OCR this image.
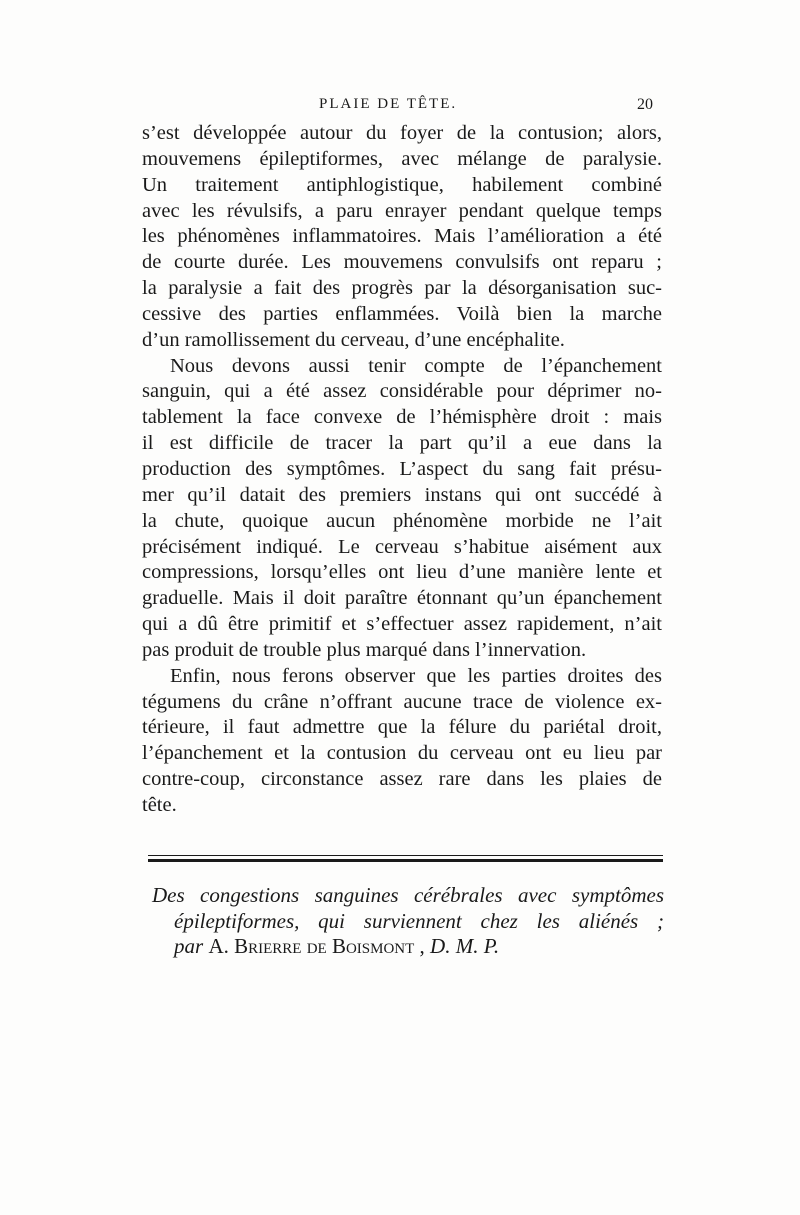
PLAIE DE TÊTE.	20
s’est développée autour du foyer de la contusion; alors,
mouvemens épileptiformes, avec mélange de paralysie.
Un traitement antiphlogistique, habilement combiné
avec les révulsifs, a paru enrayer pendant quelque temps
les phénomènes inflammatoires. Mais l’amélioration a été
de courte durée. Les mouvemens convulsifs ont reparu ;
la paralysie a fait des progrès par la désorganisation suc-
cessive des parties enflammées. Voilà bien la marche
d’un ramollissement du cerveau, d’une encéphalite.
Nous devons aussi tenir compte de l’épanchement
sanguin, qui a été assez considérable pour déprimer no-
tablement la face convexe de l’hémisphère droit : mais
il est difficile de tracer la part qu’il a eue dans la
production des symptômes. L’aspect du sang fait présu-
mer qu’il datait des premiers instans qui ont succédé à
la chute, quoique aucun phénomène morbide ne l’ait
précisément indiqué. Le cerveau s’habitue aisément aux
compressions, lorsqu’elles ont lieu d’une manière lente et
graduelle. Mais il doit paraître étonnant qu’un épanchement
qui a dû être primitif et s’effectuer assez rapidement, n’ait
pas produit de trouble plus marqué dans l’innervation.
Enfin, nous ferons observer que les parties droites des
tégumens du crâne n’offrant aucune trace de violence ex-
térieure, il faut admettre que la félure du pariétal droit,
l’épanchement et la contusion du cerveau ont eu lieu par
contre-coup, circonstance assez rare dans les plaies de
tête.
Des congestions sanguines cérébrales avec symptômes
épileptiformes, qui surviennent chez les aliénés ;
par A. Brierre de Boismont , D. M. P.
